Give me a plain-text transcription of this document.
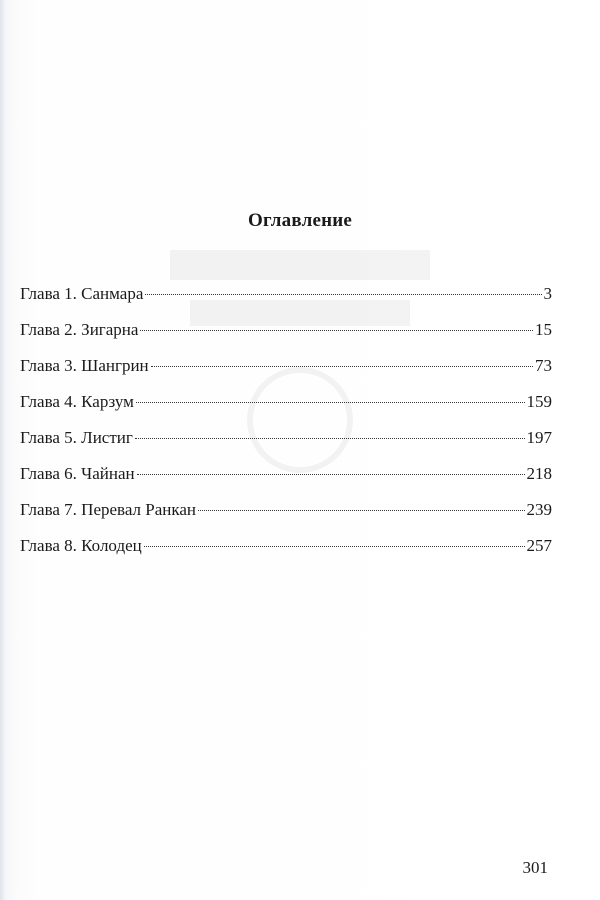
Оглавление
Глава 1. Санмара	3
Глава 2. Зигарна	15
Глава 3. Шангрин	73
Глава 4. Карзум	159
Глава 5. Листиг	197
Глава 6. Чайнан	218
Глава 7. Перевал Ранкан	239
Глава 8. Колодец	257
301
